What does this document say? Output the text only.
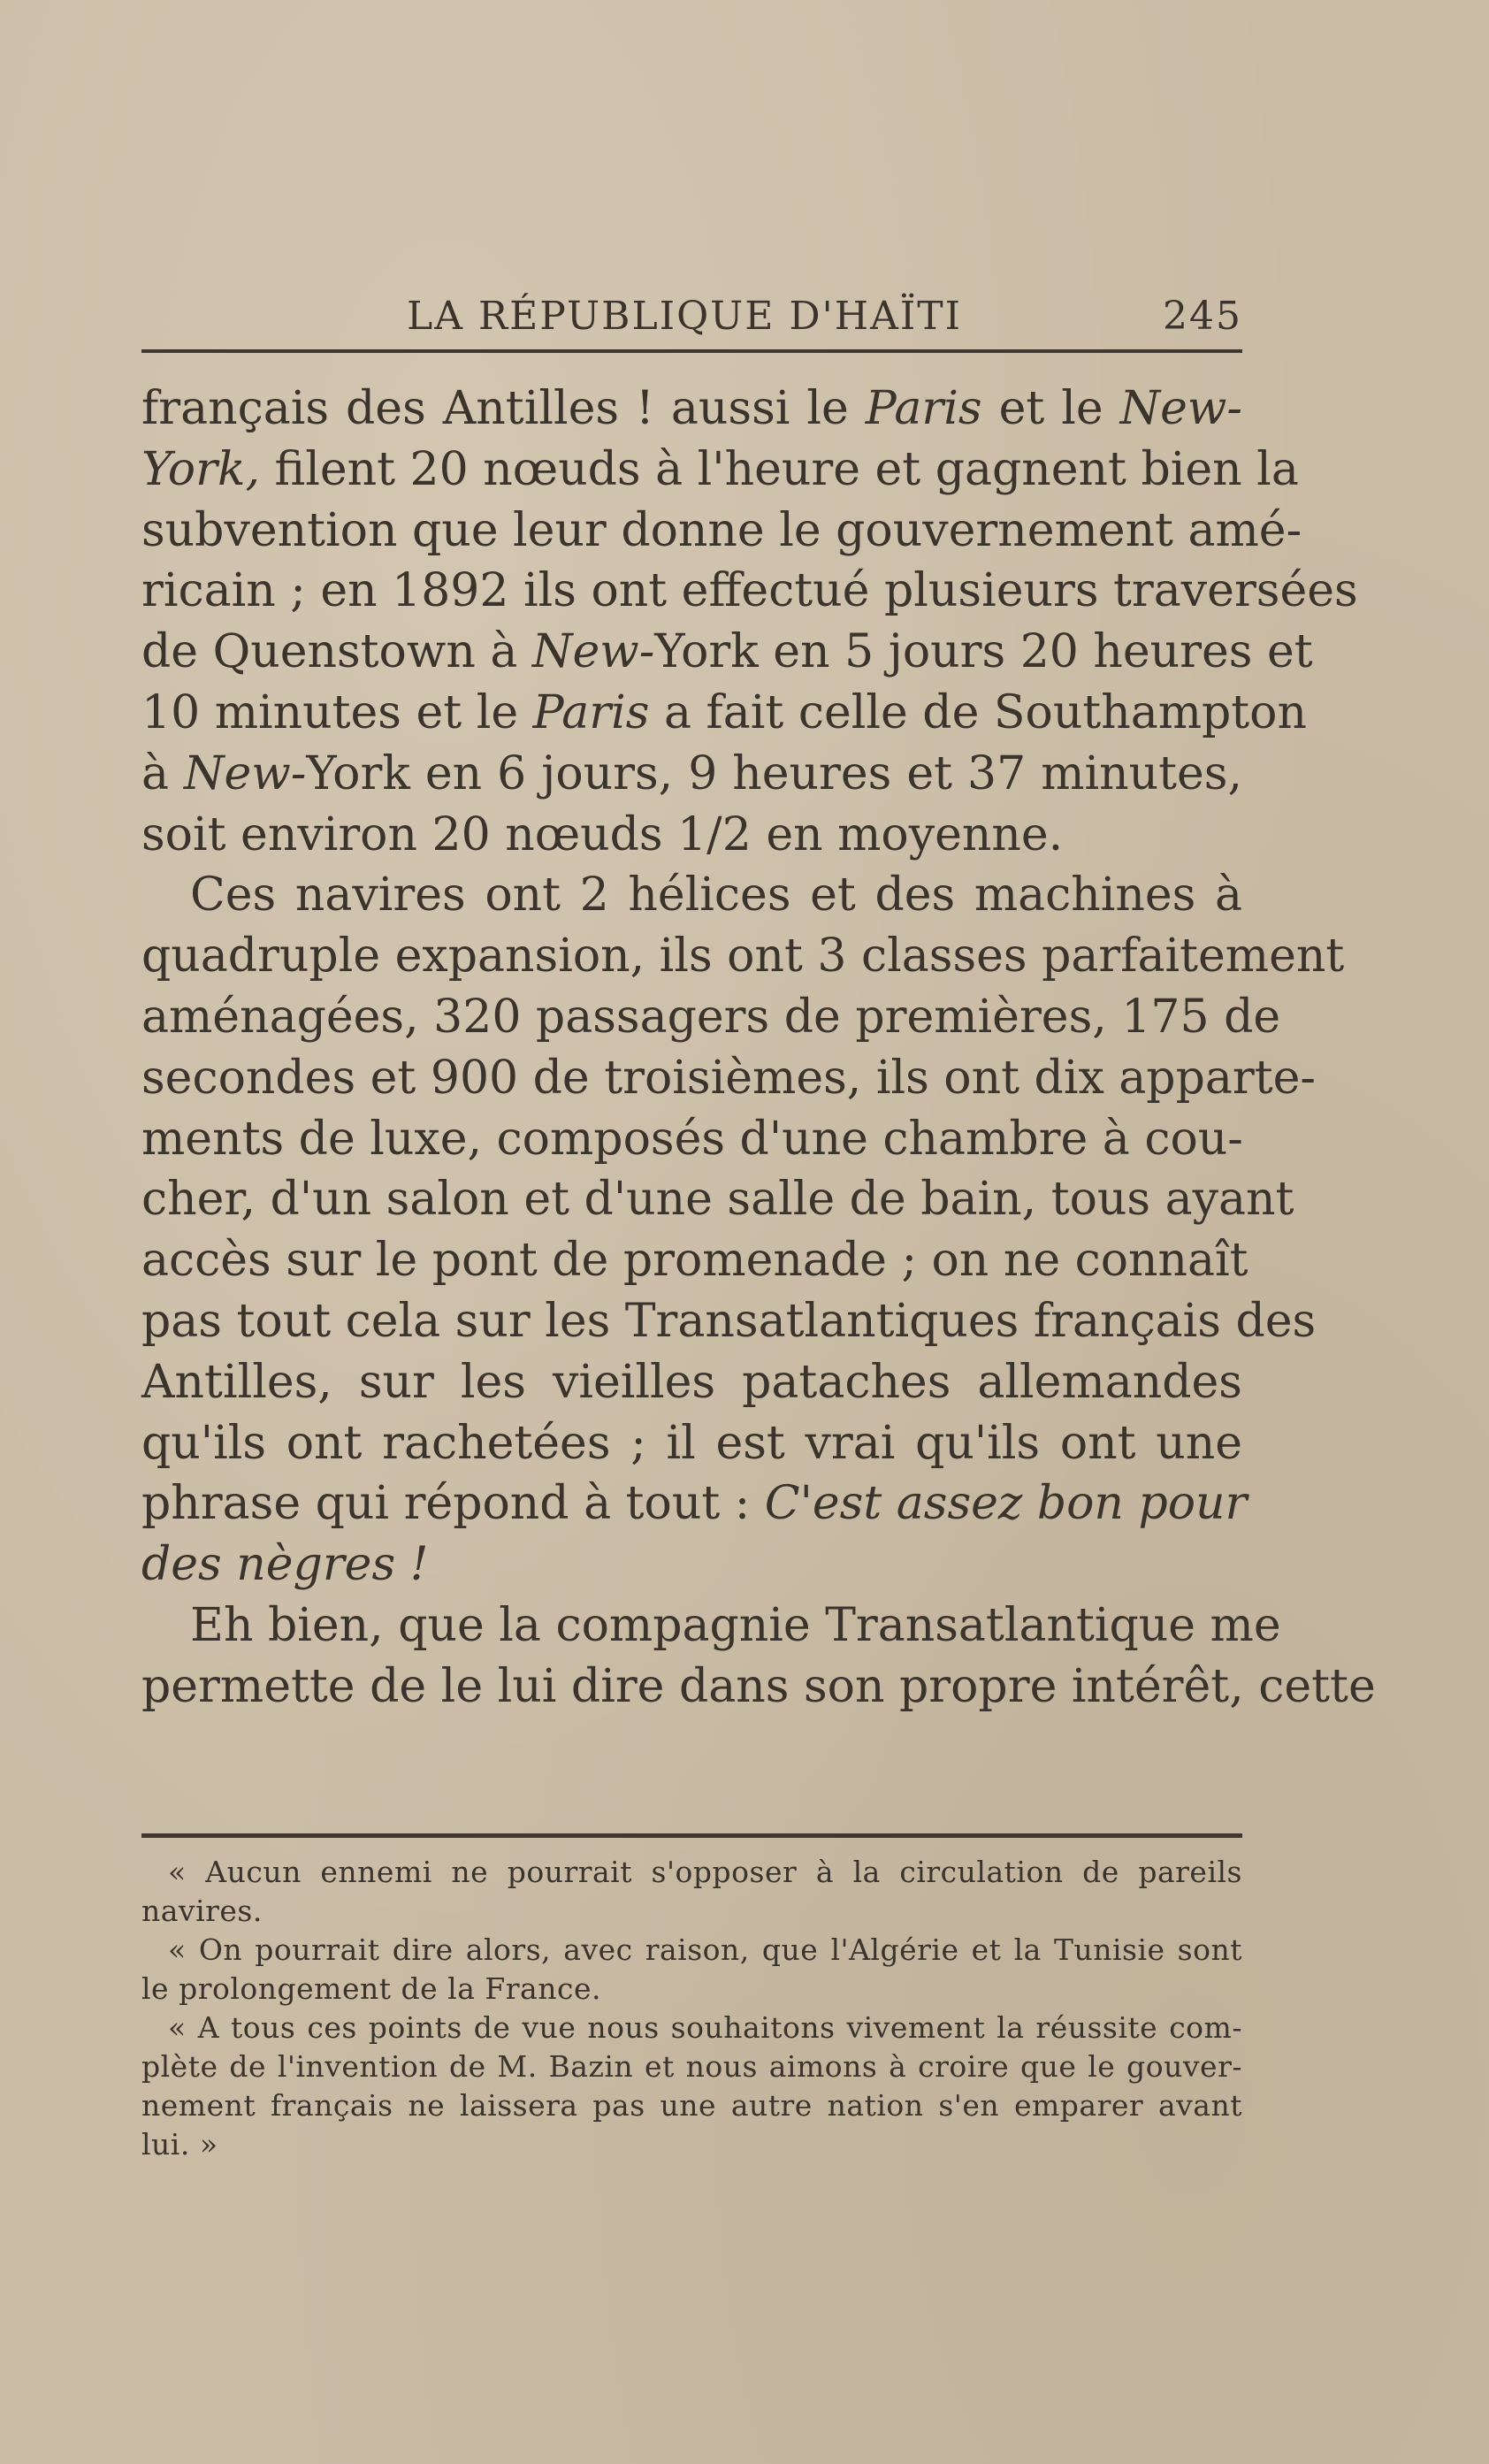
LA RÉPUBLIQUE D'HAÏTI	245
français des Antilles ! aussi le Paris et le New-
York, filent 20 nœuds à l'heure et gagnent bien la
subvention que leur donne le gouvernement amé-
ricain ; en 1892 ils ont effectué plusieurs traversées
de Quenstown à New-York en 5 jours 20 heures et
10 minutes et le Paris a fait celle de Southampton
à New-York en 6 jours, 9 heures et 37 minutes,
soit environ 20 nœuds 1/2 en moyenne.
Ces navires ont 2 hélices et des machines à
quadruple expansion, ils ont 3 classes parfaitement
aménagées, 320 passagers de premières, 175 de
secondes et 900 de troisièmes, ils ont dix apparte-
ments de luxe, composés d'une chambre à cou-
cher, d'un salon et d'une salle de bain, tous ayant
accès sur le pont de promenade ; on ne connaît
pas tout cela sur les Transatlantiques français des
Antilles, sur les vieilles pataches allemandes
qu'ils ont rachetées ; il est vrai qu'ils ont une
phrase qui répond à tout : C'est assez bon pour
des nègres !
Eh bien, que la compagnie Transatlantique me
permette de le lui dire dans son propre intérêt, cette
« Aucun ennemi ne pourrait s'opposer à la circulation de pareils
navires.
« On pourrait dire alors, avec raison, que l'Algérie et la Tunisie sont
le prolongement de la France.
« A tous ces points de vue nous souhaitons vivement la réussite com-
plète de l'invention de M. Bazin et nous aimons à croire que le gouver-
nement français ne laissera pas une autre nation s'en emparer avant
lui. »
